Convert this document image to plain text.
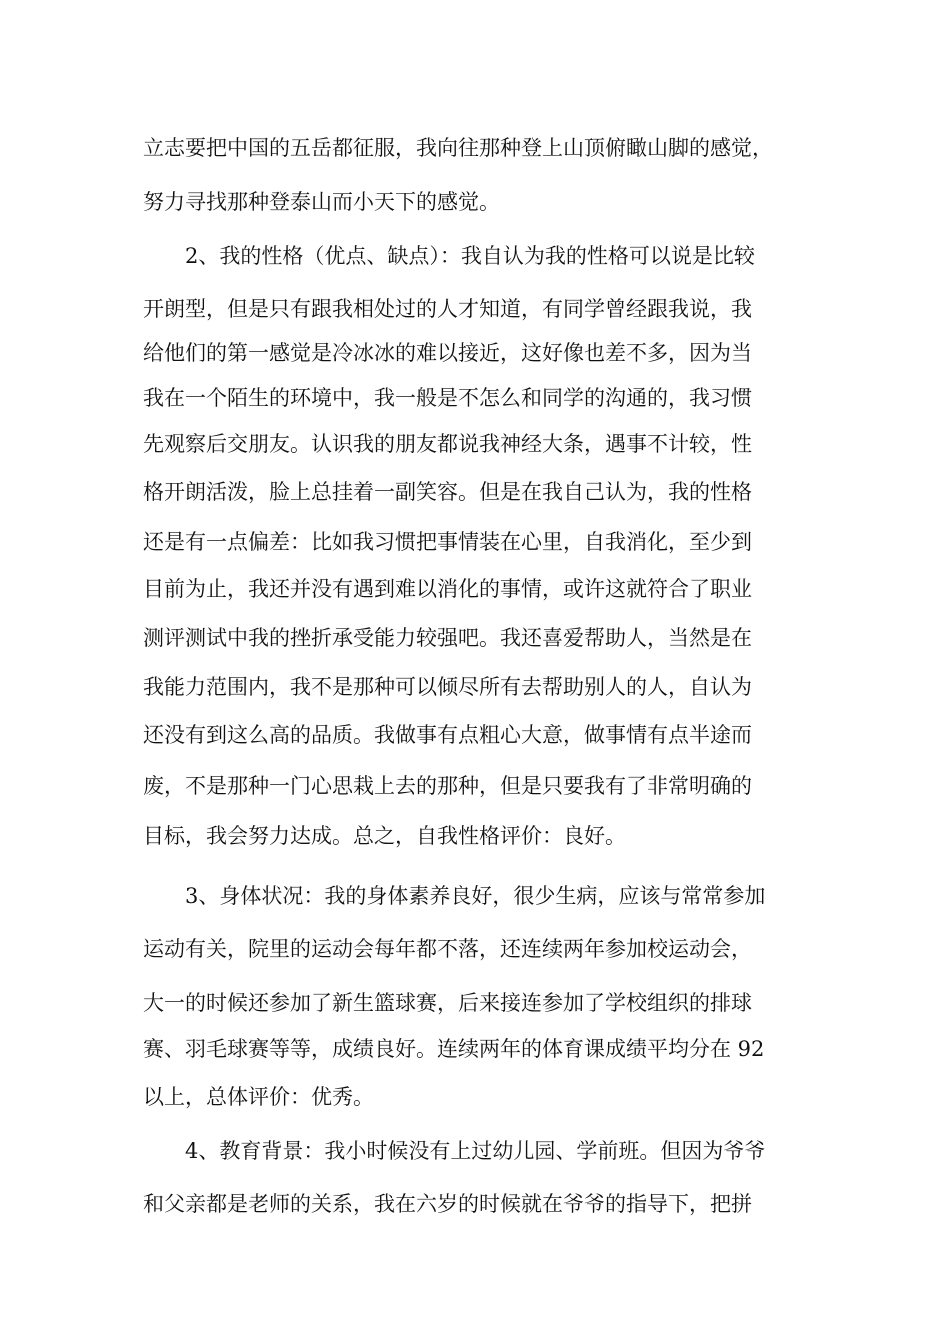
立志要把中国的五岳都征服，我向往那种登上山顶俯瞰山脚的感觉，
努力寻找那种登泰山而小天下的感觉。
2、我的性格（优点、缺点）：我自认为我的性格可以说是比较
开朗型，但是只有跟我相处过的人才知道，有同学曾经跟我说，我
给他们的第一感觉是冷冰冰的难以接近，这好像也差不多，因为当
我在一个陌生的环境中，我一般是不怎么和同学的沟通的，我习惯
先观察后交朋友。认识我的朋友都说我神经大条，遇事不计较，性
格开朗活泼，脸上总挂着一副笑容。但是在我自己认为，我的性格
还是有一点偏差：比如我习惯把事情装在心里，自我消化，至少到
目前为止，我还并没有遇到难以消化的事情，或许这就符合了职业
测评测试中我的挫折承受能力较强吧。我还喜爱帮助人，当然是在
我能力范围内，我不是那种可以倾尽所有去帮助别人的人，自认为
还没有到这么高的品质。我做事有点粗心大意，做事情有点半途而
废，不是那种一门心思栽上去的那种，但是只要我有了非常明确的
目标，我会努力达成。总之，自我性格评价：良好。
3、身体状况：我的身体素养良好，很少生病，应该与常常参加
运动有关，院里的运动会每年都不落，还连续两年参加校运动会，
大一的时候还参加了新生篮球赛，后来接连参加了学校组织的排球
赛、羽毛球赛等等，成绩良好。连续两年的体育课成绩平均分在 92
以上，总体评价：优秀。
4、教育背景：我小时候没有上过幼儿园、学前班。但因为爷爷
和父亲都是老师的关系，我在六岁的时候就在爷爷的指导下，把拼
